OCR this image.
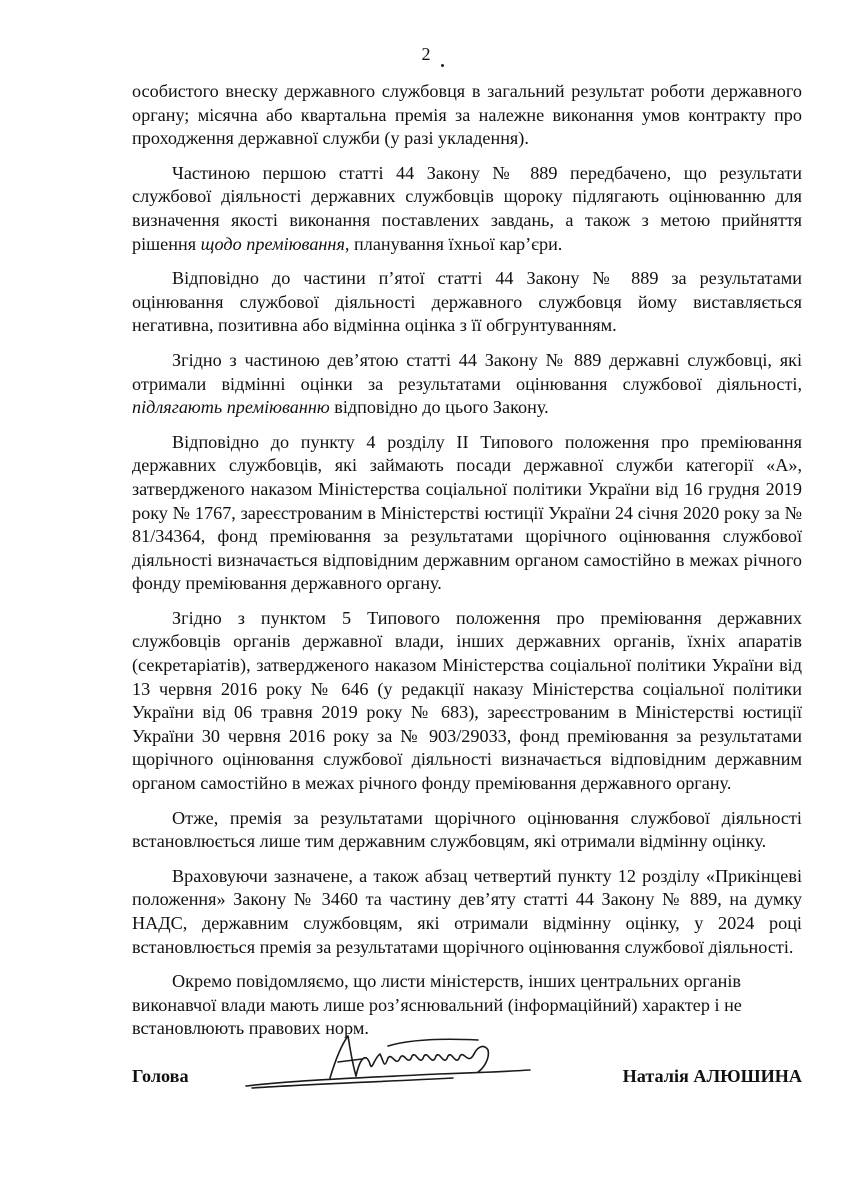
2

особистого внеску державного службовця в загальний результат роботи державного органу; місячна або квартальна премія за належне виконання умов контракту про проходження державної служби (у разі укладення).

Частиною першою статті 44 Закону № 889 передбачено, що результати службової діяльності державних службовців щороку підлягають оцінюванню для визначення якості виконання поставлених завдань, а також з метою прийняття рішення щодо преміювання, планування їхньої кар’єри.

Відповідно до частини п’ятої статті 44 Закону № 889 за результатами оцінювання службової діяльності державного службовця йому виставляється негативна, позитивна або відмінна оцінка з її обгрунтуванням.

Згідно з частиною дев’ятою статті 44 Закону № 889 державні службовці, які отримали відмінні оцінки за результатами оцінювання службової діяльності, підлягають преміюванню відповідно до цього Закону.

Відповідно до пункту 4 розділу II Типового положення про преміювання державних службовців, які займають посади державної служби категорії «А», затвердженого наказом Міністерства соціальної політики України від 16 грудня 2019 року № 1767, зареєстрованим в Міністерстві юстиції України 24 січня 2020 року за № 81/34364, фонд преміювання за результатами щорічного оцінювання службової діяльності визначається відповідним державним органом самостійно в межах річного фонду преміювання державного органу.

Згідно з пунктом 5 Типового положення про преміювання державних службовців органів державної влади, інших державних органів, їхніх апаратів (секретаріатів), затвердженого наказом Міністерства соціальної політики України від 13 червня 2016 року № 646 (у редакції наказу Міністерства соціальної політики України від 06 травня 2019 року № 683), зареєстрованим в Міністерстві юстиції України 30 червня 2016 року за № 903/29033, фонд преміювання за результатами щорічного оцінювання службової діяльності визначається відповідним державним органом самостійно в межах річного фонду преміювання державного органу.

Отже, премія за результатами щорічного оцінювання службової діяльності встановлюється лише тим державним службовцям, які отримали відмінну оцінку.

Враховуючи зазначене, а також абзац четвертий пункту 12 розділу «Прикінцеві положення» Закону № 3460 та частину дев’яту статті 44 Закону № 889, на думку НАДС, державним службовцям, які отримали відмінну оцінку, у 2024 році встановлюється премія за результатами щорічного оцінювання службової діяльності.

Окремо повідомляємо, що листи міністерств, інших центральних органів виконавчої влади мають лише роз’яснювальний (інформаційний) характер і не встановлюють правових норм.

Голова	Наталія АЛЮШИНА
